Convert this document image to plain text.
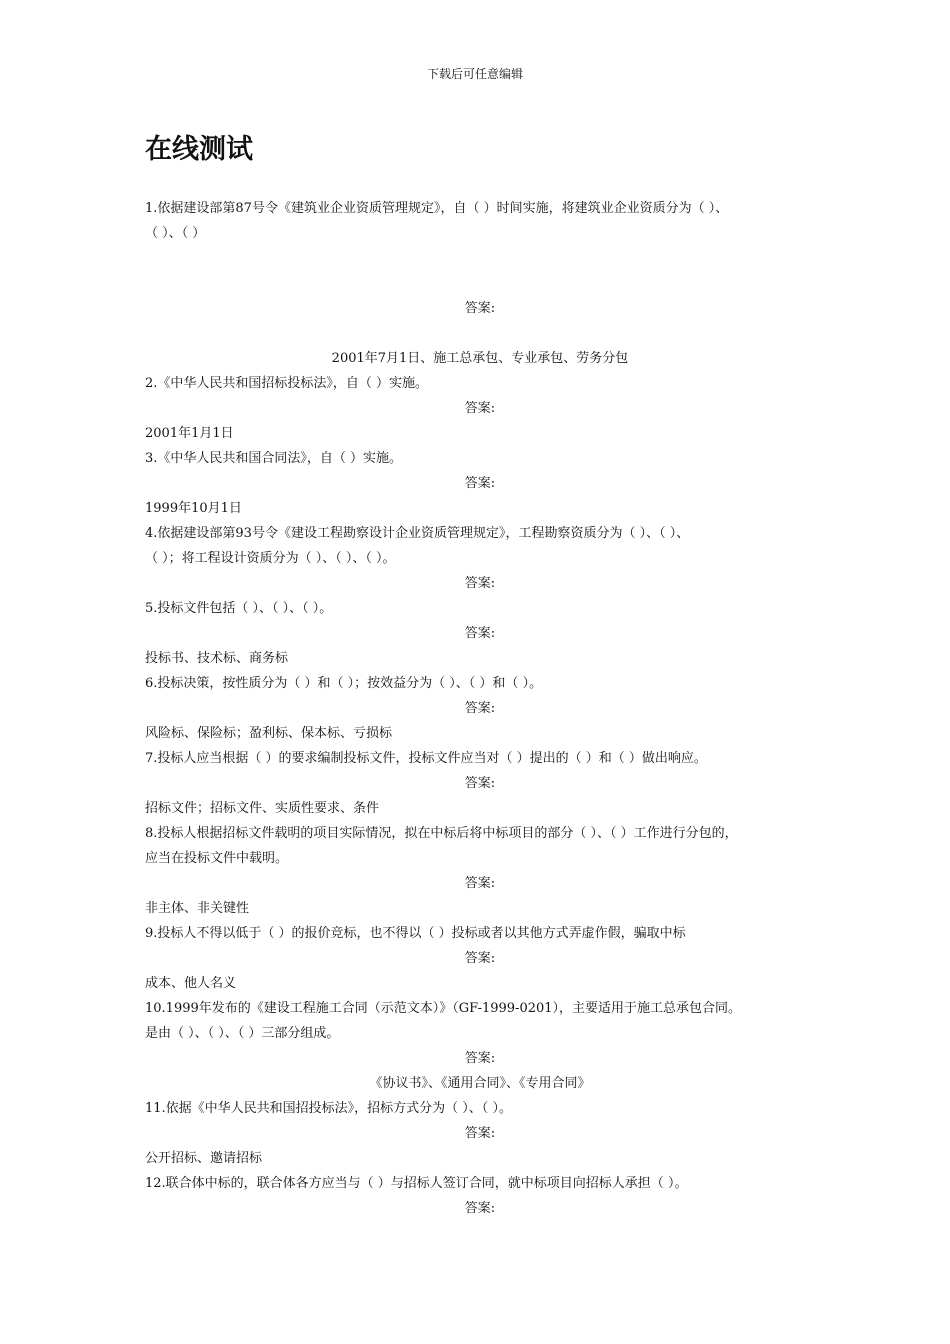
下载后可任意编辑
在线测试

1.依据建设部第87号令《建筑业企业资质管理规定》，自（ ）时间实施，将建筑业企业资质分为（ ）、

（ ）、（ ）

答案:

2001年7月1日、施工总承包、专业承包、劳务分包

2.《中华人民共和国招标投标法》，自（ ）实施。

答案:

2001年1月1日

3.《中华人民共和国合同法》，自（ ）实施。

答案:

1999年10月1日

4.依据建设部第93号令《建设工程勘察设计企业资质管理规定》，工程勘察资质分为（ ）、（ ）、

（ ）；将工程设计资质分为（ ）、（ ）、（ ）。

答案:

5.投标文件包括（ ）、（ ）、（ ）。

答案:

投标书、技术标、商务标

6.投标决策，按性质分为（ ）和（ ）；按效益分为（ ）、（ ）和（ ）。

答案:

风险标、保险标；盈利标、保本标、亏损标

7.投标人应当根据（ ）的要求编制投标文件，投标文件应当对（ ）提出的（ ）和（ ）做出响应。

答案:

招标文件；招标文件、实质性要求、条件

8.投标人根据招标文件载明的项目实际情况，拟在中标后将中标项目的部分（ ）、（ ）工作进行分包的，

应当在投标文件中载明。

答案:

非主体、非关键性

9.投标人不得以低于（ ）的报价竞标，也不得以（ ）投标或者以其他方式弄虚作假，骗取中标

答案:

成本、他人名义

10.1999年发布的《建设工程施工合同（示范文本）》（GF-1999-0201），主要适用于施工总承包合同。

是由（ ）、（ ）、（ ）三部分组成。

答案:

《协议书》、《通用合同》、《专用合同》

11.依据《中华人民共和国招投标法》，招标方式分为（ ）、（ ）。

答案:

公开招标、邀请招标

12.联合体中标的，联合体各方应当与（ ）与招标人签订合同，就中标项目向招标人承担（ ）。

答案:
